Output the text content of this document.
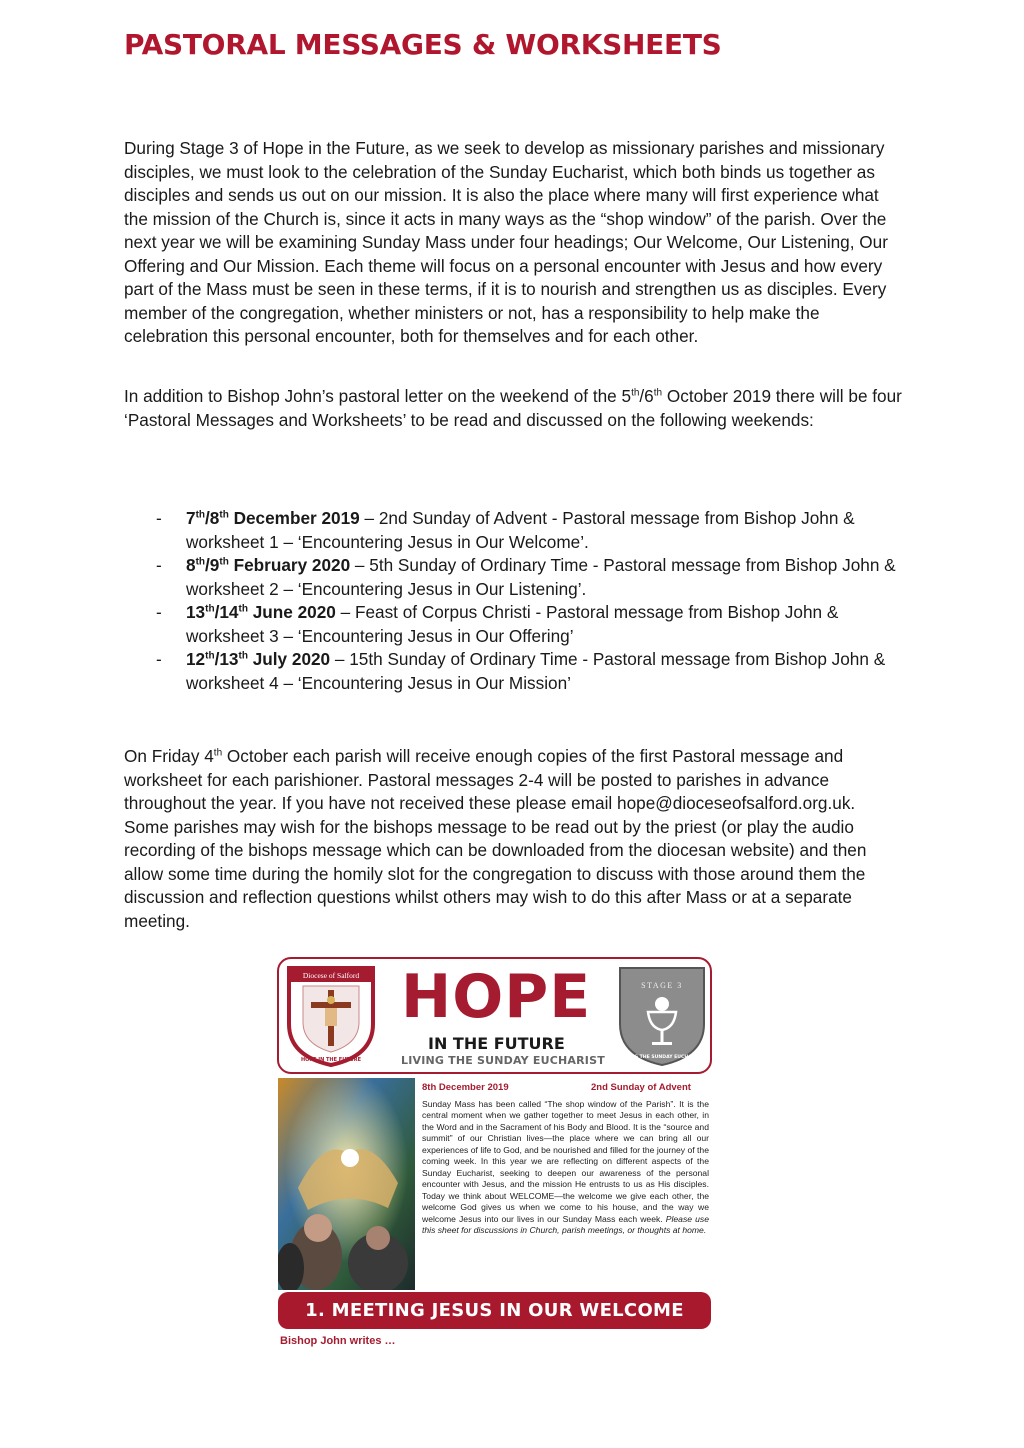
PASTORAL MESSAGES & WORKSHEETS

During Stage 3 of Hope in the Future, as we seek to develop as missionary parishes and missionary disciples, we must look to the celebration of the Sunday Eucharist, which both binds us together as disciples and sends us out on our mission. It is also the place where many will first experience what the mission of the Church is, since it acts in many ways as the “shop window” of the parish. Over the next year we will be examining Sunday Mass under four headings; Our Welcome, Our Listening, Our Offering and Our Mission. Each theme will focus on a personal encounter with Jesus and how every part of the Mass must be seen in these terms, if it is to nourish and strengthen us as disciples. Every member of the congregation, whether ministers or not, has a responsibility to help make the celebration this personal encounter, both for themselves and for each other.

In addition to Bishop John’s pastoral letter on the weekend of the 5th/6th October 2019 there will be four ‘Pastoral Messages and Worksheets’ to be read and discussed on the following weekends:

- 7th/8th December 2019 – 2nd Sunday of Advent - Pastoral message from Bishop John & worksheet 1 – ‘Encountering Jesus in Our Welcome’.
- 8th/9th February 2020 – 5th Sunday of Ordinary Time - Pastoral message from Bishop John & worksheet 2 – ‘Encountering Jesus in Our Listening’.
- 13th/14th June 2020 – Feast of Corpus Christi - Pastoral message from Bishop John & worksheet 3 – ‘Encountering Jesus in Our Offering’
- 12th/13th July 2020 – 15th Sunday of Ordinary Time - Pastoral message from Bishop John & worksheet 4 – ‘Encountering Jesus in Our Mission’

On Friday 4th October each parish will receive enough copies of the first Pastoral message and worksheet for each parishioner. Pastoral messages 2-4 will be posted to parishes in advance throughout the year. If you have not received these please email hope@dioceseofsalford.org.uk. Some parishes may wish for the bishops message to be read out by the priest (or play the audio recording of the bishops message which can be downloaded from the diocesan website) and then allow some time during the homily slot for the congregation to discuss with those around them the discussion and reflection questions whilst others may wish to do this after Mass or at a separate meeting.

Diocese of Salford
HOPE IN THE FUTURE
HOPE
IN THE FUTURE
LIVING THE SUNDAY EUCHARIST
STAGE 3
LIVING THE SUNDAY EUCHARIST
8th December 2019	2nd Sunday of Advent

Sunday Mass has been called “The shop window of the Parish”. It is the central moment when we gather together to meet Jesus in each other, in the Word and in the Sacrament of his Body and Blood. It is the “source and summit” of our Christian lives—the place where we can bring all our experiences of life to God, and be nourished and filled for the journey of the coming week. In this year we are reflecting on different aspects of the Sunday Eucharist, seeking to deepen our awareness of the personal encounter with Jesus, and the mission He entrusts to us as His disciples. Today we think about WELCOME—the welcome we give each other, the welcome God gives us when we come to his house, and the way we welcome Jesus into our lives in our Sunday Mass each week. Please use this sheet for discussions in Church, parish meetings, or thoughts at home.

1. MEETING JESUS IN OUR WELCOME
Bishop John writes …
